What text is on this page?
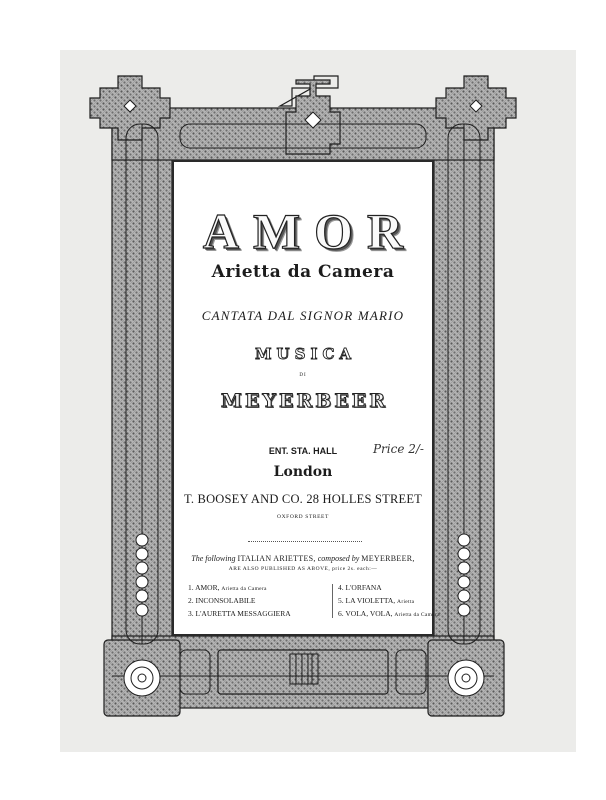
AMOR
Arietta da Camera
CANTATA DAL SIGNOR MARIO
MUSICA
DI
MEYERBEER
ENT. STA. HALL	Price 2/-
London
T. BOOSEY AND CO. 28 HOLLES STREET
OXFORD STREET
The following ITALIAN ARIETTES, composed by MEYERBEER,
ARE ALSO PUBLISHED AS ABOVE, price 2s. each:—
1. AMOR, Arietta da Camera
2. INCONSOLABILE
3. L'AURETTA MESSAGGIERA
4. L'ORFANA
5. LA VIOLETTA, Arietta
6. VOLA, VOLA, Arietta da Camera
